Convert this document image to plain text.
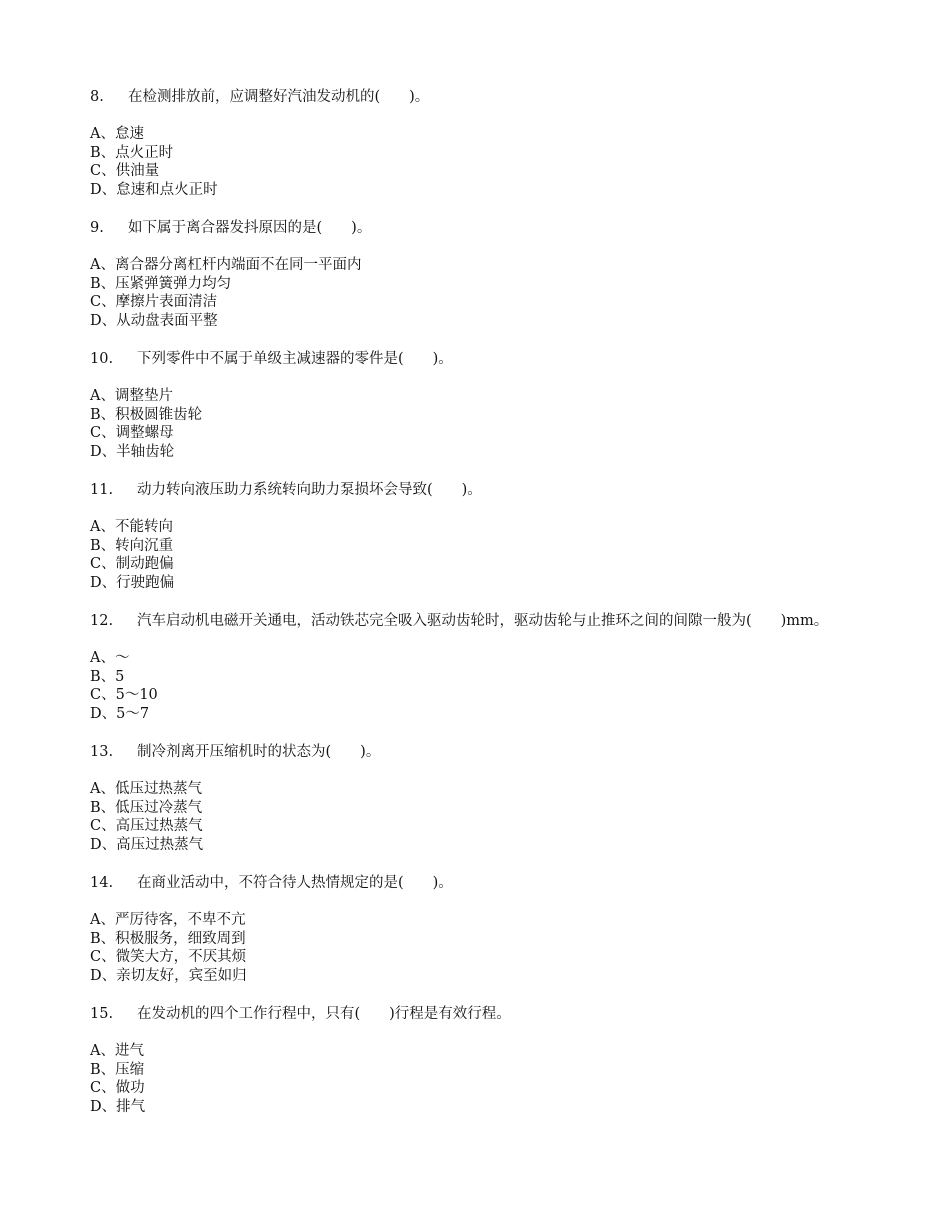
8.	在检测排放前，应调整好汽油发动机的(　　)。
A、怠速
B、点火正时
C、供油量
D、怠速和点火正时
9.	如下属于离合器发抖原因的是(　　)。
A、离合器分离杠杆内端面不在同一平面内
B、压紧弹簧弹力均匀
C、摩擦片表面清洁
D、从动盘表面平整
10.	下列零件中不属于单级主减速器的零件是(　　)。
A、调整垫片
B、积极圆锥齿轮
C、调整螺母
D、半轴齿轮
11.	动力转向液压助力系统转向助力泵损坏会导致(　　)。
A、不能转向
B、转向沉重
C、制动跑偏
D、行驶跑偏
12.	汽车启动机电磁开关通电，活动铁芯完全吸入驱动齿轮时，驱动齿轮与止推环之间的间隙一般为(　　)mm。
A、～
B、5
C、5～10
D、5～7
13.	制冷剂离开压缩机时的状态为(　　)。
A、低压过热蒸气
B、低压过冷蒸气
C、高压过热蒸气
D、高压过热蒸气
14.	在商业活动中，不符合待人热情规定的是(　　)。
A、严厉待客，不卑不亢
B、积极服务，细致周到
C、微笑大方，不厌其烦
D、亲切友好，宾至如归
15.	在发动机的四个工作行程中，只有(　　)行程是有效行程。
A、进气
B、压缩
C、做功
D、排气
